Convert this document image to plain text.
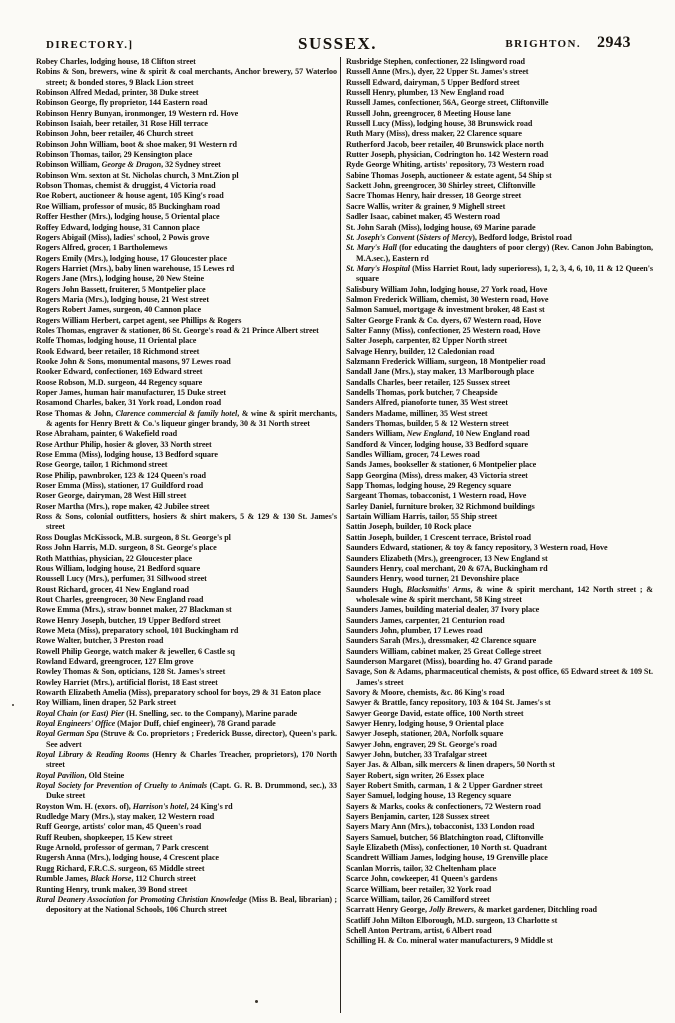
DIRECTORY.]	SUSSEX.	BRIGHTON. 2943

Robey Charles, lodging house, 18 Clifton street

Robins & Son, brewers, wine & spirit & coal merchants, Anchor brewery, 57 Waterloo street; & bonded stores, 9 Black Lion street

Robinson Alfred Medad, printer, 38 Duke street

Robinson George, fly proprietor, 144 Eastern road

Robinson Henry Bunyan, ironmonger, 19 Western rd. Hove

Robinson Isaiah, beer retailer, 31 Rose Hill terrace

Robinson John, beer retailer, 46 Church street

Robinson John William, boot & shoe maker, 91 Western rd

Robinson Thomas, tailor, 29 Kensington place

Robinson William, George & Dragon, 32 Sydney street

Robinson Wm. sexton at St. Nicholas church, 3 Mnt.Zion pl

Robson Thomas, chemist & druggist, 4 Victoria road

Roe Robert, auctioneer & house agent, 105 King's road

Roe William, professor of music, 85 Buckingham road

Roffer Hesther (Mrs.), lodging house, 5 Oriental place

Roffey Edward, lodging house, 31 Cannon place

Rogers Abigail (Miss), ladies' school, 2 Powis grove

Rogers Alfred, grocer, 1 Bartholemews

Rogers Emily (Mrs.), lodging house, 17 Gloucester place

Rogers Harriet (Mrs.), baby linen warehouse, 15 Lewes rd

Rogers Jane (Mrs.), lodging house, 20 New Steine

Rogers John Bassett, fruiterer, 5 Montpelier place

Rogers Maria (Mrs.), lodging house, 21 West street

Rogers Robert James, surgeon, 40 Cannon place

Rogers William Herbert, carpet agent, see Phillips & Rogers

Roles Thomas, engraver & stationer, 86 St. George's road & 21 Prince Albert street

Rolfe Thomas, lodging house, 11 Oriental place

Rook Edward, beer retailer, 18 Richmond street

Rooke John & Sons, monumental masons, 97 Lewes road

Rooker Edward, confectioner, 169 Edward street

Roose Robson, M.D. surgeon, 44 Regency square

Roper James, human hair manufacturer, 15 Duke street

Rosamond Charles, baker, 31 York road, London road

Rose Thomas & John, Clarence commercial & family hotel, & wine & spirit merchants, & agents for Henry Brett & Co.'s liqueur ginger brandy, 30 & 31 North street

Rose Abraham, painter, 6 Wakefield road

Rose Arthur Philip, hosier & glover, 33 North street

Rose Emma (Miss), lodging house, 13 Bedford square

Rose George, tailor, 1 Richmond street

Rose Philip, pawnbroker, 123 & 124 Queen's road

Roser Emma (Miss), stationer, 17 Guildford road

Roser George, dairyman, 28 West Hill street

Roser Martha (Mrs.), rope maker, 42 Jubilee street

Ross & Sons, colonial outfitters, hosiers & shirt makers, 5 & 129 & 130 St. James's street

Ross Douglas McKissock, M.B. surgeon, 8 St. George's pl

Ross John Harris, M.D. surgeon, 8 St. George's place

Roth Matthias, physician, 22 Gloucester place

Rous William, lodging house, 21 Bedford square

Roussell Lucy (Mrs.), perfumer, 31 Sillwood street

Roust Richard, grocer, 41 New England road

Rout Charles, greengrocer, 30 New England road

Rowe Emma (Mrs.), straw bonnet maker, 27 Blackman st

Rowe Henry Joseph, butcher, 19 Upper Bedford street

Rowe Meta (Miss), preparatory school, 101 Buckingham rd

Rowe Walter, butcher, 3 Preston road

Rowell Philip George, watch maker & jeweller, 6 Castle sq

Rowland Edward, greengrocer, 127 Elm grove

Rowley Thomas & Son, opticians, 128 St. James's street

Rowley Harriet (Mrs.), artificial florist, 18 East street

Rowarth Elizabeth Amelia (Miss), preparatory school for boys, 29 & 31 Eaton place

Roy William, linen draper, 52 Park street

Royal Chain (or East) Pier (H. Snelling, sec. to the Company), Marine parade

Royal Engineers' Office (Major Duff, chief engineer), 78 Grand parade

Royal German Spa (Struve & Co. proprietors ; Frederick Busse, director), Queen's park. See advert

Royal Library & Reading Rooms (Henry & Charles Treacher, proprietors), 170 North street

Royal Pavilion, Old Steine

Royal Society for Prevention of Cruelty to Animals (Capt. G. R. B. Drummond, sec.), 33 Duke street

Royston Wm. H. (exors. of), Harrison's hotel, 24 King's rd

Rudledge Mary (Mrs.), stay maker, 12 Western road

Ruff George, artists' color man, 45 Queen's road

Ruff Reuben, shopkeeper, 15 Kew street

Ruge Arnold, professor of german, 7 Park crescent

Rugersh Anna (Mrs.), lodging house, 4 Crescent place

Rugg Richard, F.R.C.S. surgeon, 65 Middle street

Rumble James, Black Horse, 112 Church street

Runting Henry, trunk maker, 39 Bond street

Rural Deanery Association for Promoting Christian Knowledge (Miss B. Beal, librarian) ; depository at the National Schools, 106 Church street

Rusbridge Stephen, confectioner, 22 Islingword road

Russell Anne (Mrs.), dyer, 22 Upper St. James's street

Russell Edward, dairyman, 5 Upper Bedford street

Russell Henry, plumber, 13 New England road

Russell James, confectioner, 56A, George street, Cliftonville

Russell John, greengrocer, 8 Meeting House lane

Russell Lucy (Miss), lodging house, 38 Brunswick road

Ruth Mary (Miss), dress maker, 22 Clarence square

Rutherford Jacob, beer retailer, 40 Brunswick place north

Rutter Joseph, physician, Codrington ho. 142 Western road

Ryde George Whiting, artists' repository, 73 Western road

Sabine Thomas Joseph, auctioneer & estate agent, 54 Ship st

Sackett John, greengrocer, 30 Shirley street, Cliftonville

Sacre Thomas Henry, hair dresser, 18 George street

Sacre Wallis, writer & grainer, 9 Mighell street

Sadler Isaac, cabinet maker, 45 Western road

St. John Sarah (Miss), lodging house, 69 Marine parade

St. Joseph's Convent (Sisters of Mercy), Bedford lodge, Bristol road

St. Mary's Hall (for educating the daughters of poor clergy) (Rev. Canon John Babington, M.A.sec.), Eastern rd

St. Mary's Hospital (Miss Harriet Rout, lady superioress), 1, 2, 3, 4, 6, 10, 11 & 12 Queen's square

Salisbury William John, lodging house, 27 York road, Hove

Salmon Frederick William, chemist, 30 Western road, Hove

Salmon Samuel, mortgage & investment broker, 48 East st

Salter George Frank & Co. dyers, 67 Western road, Hove

Salter Fanny (Miss), confectioner, 25 Western road, Hove

Salter Joseph, carpenter, 82 Upper North street

Salvage Henry, builder, 12 Caledonian road

Salzmann Frederick William, surgeon, 18 Montpelier road

Sandall Jane (Mrs.), stay maker, 13 Marlborough place

Sandalls Charles, beer retailer, 125 Sussex street

Sandells Thomas, pork butcher, 7 Cheapside

Sanders Alfred, pianoforte tuner, 35 West street

Sanders Madame, milliner, 35 West street

Sanders Thomas, builder, 5 & 12 Western street

Sanders William, New England, 10 New England road

Sandford & Vincer, lodging house, 33 Bedford square

Sandles William, grocer, 74 Lewes road

Sands James, bookseller & stationer, 6 Montpelier place

Sapp Georgina (Miss), dress maker, 43 Victoria street

Sapp Thomas, lodging house, 29 Regency square

Sargeant Thomas, tobacconist, 1 Western road, Hove

Sarley Daniel, furniture broker, 32 Richmond buildings

Sartain William Harris, tailor, 55 Ship street

Sattin Joseph, builder, 10 Rock place

Sattin Joseph, builder, 1 Crescent terrace, Bristol road

Saunders Edward, stationer, & toy & fancy repository, 3 Western road, Hove

Saunders Elizabeth (Mrs.), greengrocer, 13 New England st

Saunders Henry, coal merchant, 20 & 67A, Buckingham rd

Saunders Henry, wood turner, 21 Devonshire place

Saunders Hugh, Blacksmiths' Arms, & wine & spirit merchant, 142 North street ; & wholesale wine & spirit merchant, 58 King street

Saunders James, building material dealer, 37 Ivory place

Saunders James, carpenter, 21 Centurion road

Saunders John, plumber, 17 Lewes road

Saunders Sarah (Mrs.), dressmaker, 42 Clarence square

Saunders William, cabinet maker, 25 Great College street

Saunderson Margaret (Miss), boarding ho. 47 Grand parade

Savage, Son & Adams, pharmaceutical chemists, & post office, 65 Edward street & 109 St. James's street

Savory & Moore, chemists, &c. 86 King's road

Sawyer & Brattle, fancy repository, 103 & 104 St. James's st

Sawyer George David, estate office, 100 North street

Sawyer Henry, lodging house, 9 Oriental place

Sawyer Joseph, stationer, 20A, Norfolk square

Sawyer John, engraver, 29 St. George's road

Sawyer John, butcher, 33 Trafalgar street

Sayer Jas. & Alban, silk mercers & linen drapers, 50 North st

Sayer Robert, sign writer, 26 Essex place

Sayer Robert Smith, carman, 1 & 2 Upper Gardner street

Sayer Samuel, lodging house, 13 Regency square

Sayers & Marks, cooks & confectioners, 72 Western road

Sayers Benjamin, carter, 128 Sussex street

Sayers Mary Ann (Mrs.), tobacconist, 133 London road

Sayers Samuel, butcher, 56 Blatchington road, Cliftonville

Sayle Elizabeth (Miss), confectioner, 10 North st. Quadrant

Scandrett William James, lodging house, 19 Grenville place

Scanlan Morris, tailor, 32 Cheltenham place

Scarce John, cowkeeper, 41 Queen's gardens

Scarce William, beer retailer, 32 York road

Scarce William, tailor, 26 Camilford street

Scarratt Henry George, Jolly Brewers, & market gardener, Ditchling road

Scatliff John Milton Elborough, M.D. surgeon, 13 Charlotte st

Schell Anton Pertram, artist, 6 Albert road

Schilling H. & Co. mineral water manufacturers, 9 Middle st
